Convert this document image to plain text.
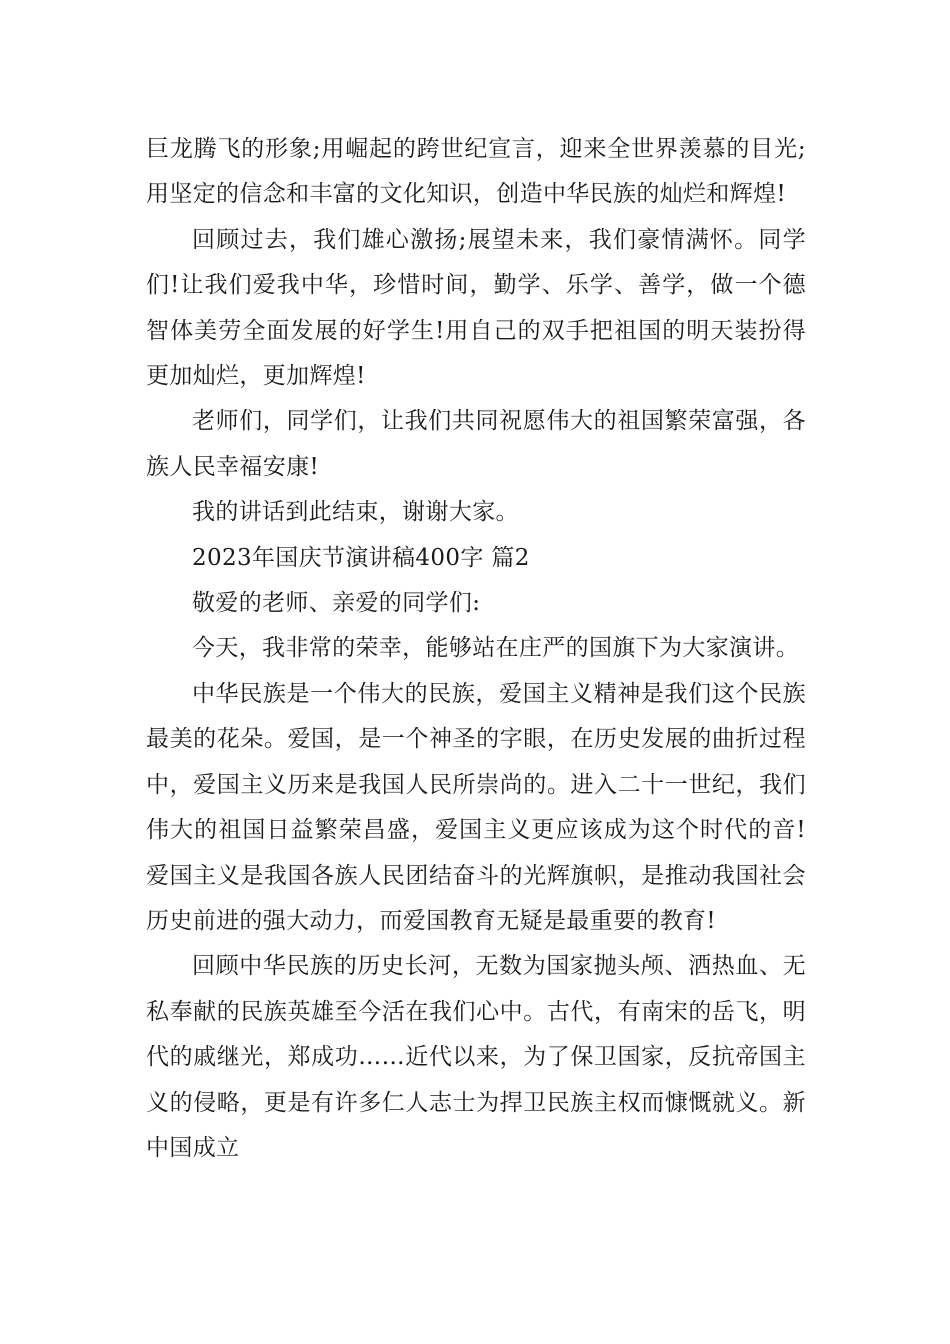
巨龙腾飞的形象;用崛起的跨世纪宣言，迎来全世界羡慕的目光;用坚定的信念和丰富的文化知识，创造中华民族的灿烂和辉煌!

回顾过去，我们雄心激扬;展望未来，我们豪情满怀。同学们!让我们爱我中华，珍惜时间，勤学、乐学、善学，做一个德智体美劳全面发展的好学生!用自己的双手把祖国的明天装扮得更加灿烂，更加辉煌!

老师们，同学们，让我们共同祝愿伟大的祖国繁荣富强，各族人民幸福安康!

我的讲话到此结束，谢谢大家。

2023年国庆节演讲稿400字 篇2

敬爱的老师、亲爱的同学们:

今天，我非常的荣幸，能够站在庄严的国旗下为大家演讲。

中华民族是一个伟大的民族，爱国主义精神是我们这个民族最美的花朵。爱国，是一个神圣的字眼，在历史发展的曲折过程中，爱国主义历来是我国人民所崇尚的。进入二十一世纪，我们伟大的祖国日益繁荣昌盛，爱国主义更应该成为这个时代的音!爱国主义是我国各族人民团结奋斗的光辉旗帜，是推动我国社会历史前进的强大动力，而爱国教育无疑是最重要的教育!

回顾中华民族的历史长河，无数为国家抛头颅、洒热血、无私奉献的民族英雄至今活在我们心中。古代，有南宋的岳飞，明代的戚继光，郑成功……近代以来，为了保卫国家，反抗帝国主义的侵略，更是有许多仁人志士为捍卫民族主权而慷慨就义。新中国成立
